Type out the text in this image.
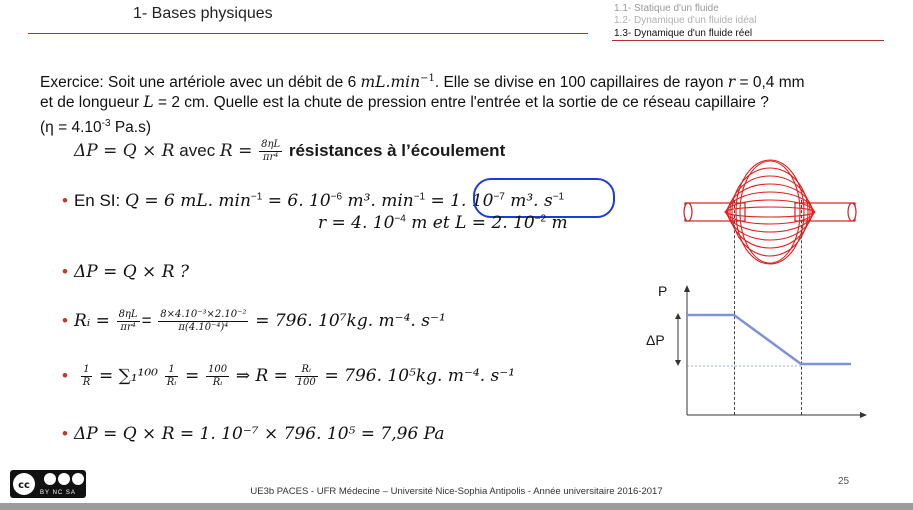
1- Bases physiques	1.1- Statique d'un fluide
1.2- Dynamique d'un fluide idéal
1.3- Dynamique d'un fluide réel
Exercice: Soit une artériole avec un débit de 6 $mL.\min^{-1}$. Elle se divise en 100 capillaires de rayon r = 0,4 mm
et de longueur L = 2 cm. Quelle est la chute de pression entre l'entrée et la sortie de ce réseau capillaire ?
($\eta = 4.10^{-3}$ Pa.s)
ΔP = Q × R avec $R = \frac{8\eta L}{\text{πr⁴}}$ résistances à l’écoulement
• En SI: Q = 6 mL. $\min^{-1} = 6$. $10^{-6}$ m³. $\min^{-1} = 1$. $10^{-7}$ m³. $s^{-1}$
r = 4. $10^{-4}$ m et L = 2. $10^{-2}$ m
• ΔP = Q × R ?
• Rᵢ = $\frac{8\eta L}{\text{πr⁴}} = \frac{\text{8×4.10⁻³×2.10⁻²}}{\text{π(4.10⁻⁴)⁴}} = 796$. 10⁷kg. m⁻⁴. s⁻¹
• $\frac{1}{R} = \sum_1^{100} \frac{1}{\text{Rᵢ}} = \frac{100}{\text{Rᵢ}}$ ⇒ $R = \frac{\text{Rᵢ}}{100} = 796$. 10⁵kg. m⁻⁴. s⁻¹
• ΔP = Q × R = 1. 10⁻⁷ × 796. 10⁵ = 7,96 Pa
P
ΔP
cc
BY NC SA	UE3b PACES - UFR Médecine – Université Nice-Sophia Antipolis - Année universitaire 2016-2017
25
